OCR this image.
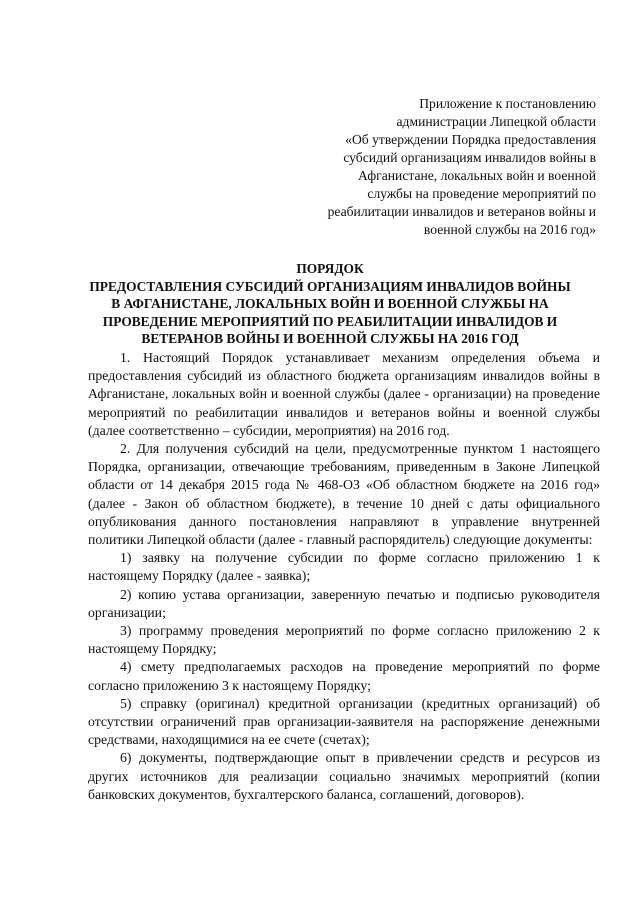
Приложение к постановлению
администрации Липецкой области
«Об утверждении Порядка предоставления
субсидий организациям инвалидов войны в
Афганистане, локальных войн и военной
службы на проведение мероприятий по
реабилитации инвалидов и ветеранов войны и
военной службы на 2016 год»
ПОРЯДОК
ПРЕДОСТАВЛЕНИЯ СУБСИДИЙ ОРГАНИЗАЦИЯМ ИНВАЛИДОВ ВОЙНЫ
В АФГАНИСТАНЕ, ЛОКАЛЬНЫХ ВОЙН И ВОЕННОЙ СЛУЖБЫ НА
ПРОВЕДЕНИЕ МЕРОПРИЯТИЙ ПО РЕАБИЛИТАЦИИ ИНВАЛИДОВ И
ВЕТЕРАНОВ ВОЙНЫ И ВОЕННОЙ СЛУЖБЫ НА 2016 ГОД

1. Настоящий Порядок устанавливает механизм определения объема и предоставления субсидий из областного бюджета организациям инвалидов войны в Афганистане, локальных войн и военной службы (далее - организации) на проведение мероприятий по реабилитации инвалидов и ветеранов войны и военной службы (далее соответственно – субсидии, мероприятия) на 2016 год.

2. Для получения субсидий на цели, предусмотренные пунктом 1 настоящего Порядка, организации, отвечающие требованиям, приведенным в Законе Липецкой области от 14 декабря 2015 года № 468-ОЗ «Об областном бюджете на 2016 год» (далее - Закон об областном бюджете), в течение 10 дней с даты официального опубликования данного постановления направляют в управление внутренней политики Липецкой области (далее - главный распорядитель) следующие документы:

1) заявку на получение субсидии по форме согласно приложению 1 к настоящему Порядку (далее - заявка);

2) копию устава организации, заверенную печатью и подписью руководителя организации;

3) программу проведения мероприятий по форме согласно приложению 2 к настоящему Порядку;

4) смету предполагаемых расходов на проведение мероприятий по форме согласно приложению 3 к настоящему Порядку;

5) справку (оригинал) кредитной организации (кредитных организаций) об отсутствии ограничений прав организации-заявителя на распоряжение денежными средствами, находящимися на ее счете (счетах);

6) документы, подтверждающие опыт в привлечении средств и ресурсов из других источников для реализации социально значимых мероприятий (копии банковских документов, бухгалтерского баланса, соглашений, договоров).
